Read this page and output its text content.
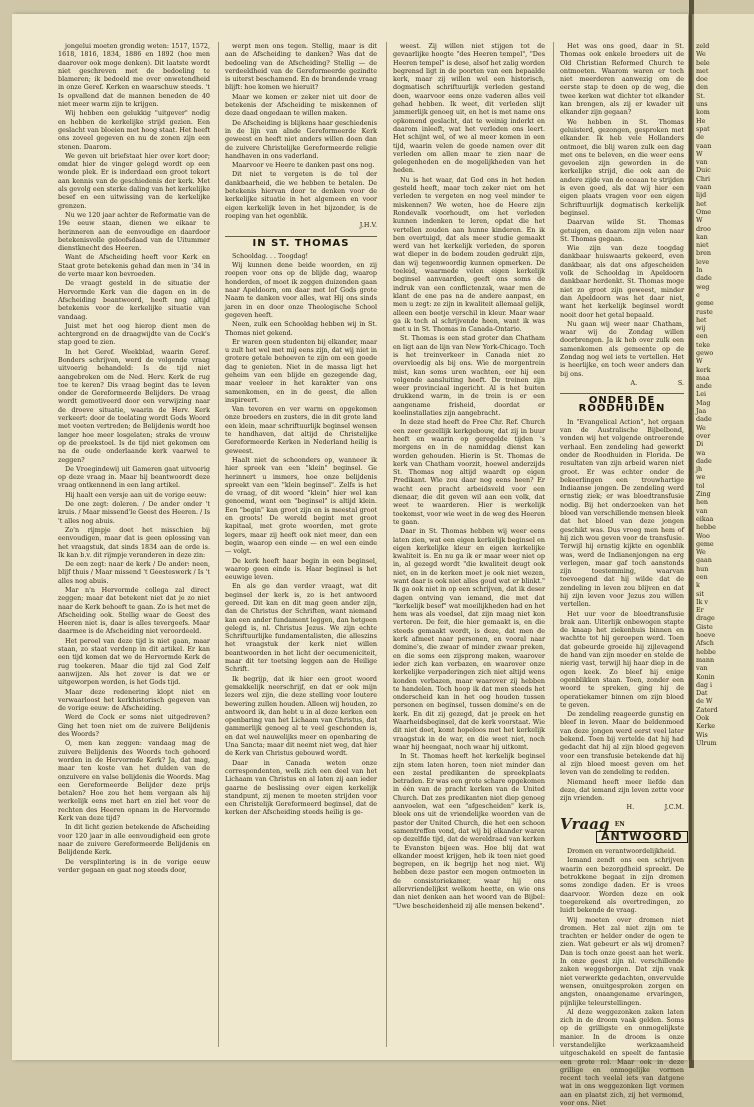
jongelui moeten grondig weten: 1517, 1572, 1618, 1816, 1834, 1886 en 1892 (hoe men daarover ook moge denken). Dit laatste wordt niet geschreven met de bedoeling te blameren; ik bedoeld me over onwetendheid in onze Geref. Kerken en waarschuw steeds. 't Is opvallend dat de mannen beneden de 40 niet meer warm zijn te krijgen.

Wij hebben een gelukkig "uitgever" nodig en hebben de kerkelijke strijd gezien. Een geslacht van bloeien met hoog staat. Het heeft ons zoveel gegeven en nu de zonen zijn een stenen. Daarom.

We geven uit briefstaat hier over kort door; omdat hier de vinger gelegd wordt op een wonde plek. Er is inderdaad een groot tekort aan kennis van de geschiedenis der kerk. Met als gevolg een sterke daling van het kerkelijke besef en een uitwissing van de kerkelijke grenzen.

Nu we 120 jaar achter de Reformatie van de 19e eeuw staan, dienen we eikaar te herinneren aan de eenvoudige en daardoor betekenisvolle geloofsdaad van de Uitummer dienstknecht des Heeren.

Want de Afscheiding heeft voor Kerk en Staat grote betekenis gehad dan men in '34 in de verte maar kon bevroeden.

De vraagt gesteld in de situatie der Hervormde Kerk van die dagen en in de Afscheiding beantwoord, heeft nog altijd betekenis voor de kerkelijke situatie van vandaag.

Juist met het oog hierop dient men de achtergrond en de draagwijdte van de Cock's stap goed te zien.

In het Geref. Weekblad, waarin Geref. Bonders schrijven, werd de volgende vraag uitvoerig behandeld: Is de tijd niet aangebroken om de Ned. Herv. Kerk de rug toe te keren? Dis vraag begint das te leven onder de Gereformeerde Belijders. De vraag wordt gemotiveerd door een verwijzing naar de droeve situatie, waarin de Herv. Kerk verkeert: door de toelating wordt Gods Woord met voeten vertreden; de Belijdenis wordt hoe langer hoe meer losgelaten; straks de vrouw op de preekstoel. Is de tijd niet gekomen om na de oude onderlaande kerk vaarwel te zeggen?

De Vroegindewij uit Gameren gaat uitvoerig op deze vraag in. Maar hij beantwoordt deze vraag ontkennend in een lang artikel.

Hij haalt een versje aan uit de vorige eeuw:

De one zegt: doleren. / De ander onder 't kruis. / Maar missend'le Geest des Heeren. / Is 't alles nog abuis.

Zo'n rijmpje doet het misschien bij eenvoudigen, maar dat is geen oplossing van het vraagstuk, dat sinds 1834 aan de orde is. Ik kan b.v. dit rijmpje veranderen in deze zin:

De een zegt: naar de kerk / De ander: neen, blijf thuis / Maar missend 't Geesteswerk / Is 't alles nog abuis.

Mar n'n Hervormde collega zal direct zeggen; maar dat betekent niet dat je zo niet naar de Kerk behoeft te gaan. Zo is het met de Afscheiding ook. Stellig waar de Geest des Heeren niet is, daar is alles tevergeefs. Maar daarmee is de Afscheiding niet veroordeeld.

Het peroel van deze tijd is niet gaan, maar staan, zo staat verdenp in dit artikel. Er kan een tijd komen dat we de Hervormde Kerk de rug toekeren. Maar die tijd zal God Zelf aanwijzen. Als het zover is dat we er uitgeworpen worden, is het Gods tijd.

Maar deze redenering klopt niet en verwaarloost het kerkhistorisch gegeven van de vorige eeuw: de Afscheiding.

Werd de Cock er soms niet uitgedreven? Ging het toen niet om de zuivere Belijdenis des Woords?

O, men kan zeggen: vandaag mag de zuivere Belijdenis des Woords toch gehoord worden in de Hervormde Kerk? Ja, dat mag, maar ten koste van het dulden van de onzuivere en valse belijdenis die Woords. Mag een Gereformeerde Belijder deze prijs betalen? Hoe zou het hem vergaan als hij werkelijk eens met hart en ziel het voor de rechten des Heeren opnam in de Hervormde Kerk van deze tijd?

In dit licht gezien betekende de Afscheiding voor 120 jaar in alle eenvoudigheid een grote naar de zuivere Gereformeerde Belijdenis en Belijdende Kerk.

De versplintering is in de vorige eeuw verder gegaan en gaat nog steeds door,

werpt men ons tegen. Stellig, maar is dit aan de Afscheiding te danken? Was dat de bedoeling van de Afscheiding? Stellig — de verdeeldheid van de Gereformeerde gezindte is uiterst beschamend. En de brandende vraag blijft: hoe komen we hieruit?

Maar we komen er zeker niet uit door de betekenis der Afscheiding te miskennen of deze daad ongedaan te willen maken.

De Afscheiding is blijkens haar geschiedenis in de lijn van alnde Gereformeerde Kerk geweest en heeft niet anders willen doen dan de zuivere Christelijke Gereformeerde religie handhaven in ons vaderland.

Maarvoor ve Heere te danken past ons nog.

Dit niet te vergeten is de tol der dankbaarheid, die we hebben te betalen. De betekenis hiervan door te denken voor de kerkelijke situatie in het algemeen en voor eigen kerkelijk leven in het bijzonder, is de roeping van het ogenblik.

J.H.V.
IN ST. THOMAS

Schooldag. . . Toogdag!

Wij kunnen dene beide woorden, en zij roepen voor ons op de blijde dag, waarop honderden, of moet ik zeggen duizenden gaan naar Apeldoorn, om daar met lof Gods grote Naam te danken voor alles, wat Hij ons sinds jaren in en door onze Theologische School gegeven heeft.

Neen, zulk een Schooldag hebben wij in St. Thomas niet gekend.

Er waren geen studenten bij elkander, maar u zult het wel met mij eens zijn, dat wij niet in grotere getale behoeven te zijn om een goede dag te genieten. Niet in de massa ligt het geheim van een blijde en gezegende dag, maar veeleer in het karakter van ons samenkomen, en in de geest, die allen inspireert.

Van tevoren en ver warm en opgekomen onze broeders en zusters, die in dit grote land een klein, maar schriftuurlijk beginsel wensen te handhaven, dat altijd de Christelijke Gereformeerde Kerken in Nederland heilig is geweest.

Haalt niet de schoonders op, wanneer ik hier spreek van een "klein" beginsel. Ge herinnert u immers, hoe onze belijdenis spreekt van een "klein beginsel". Zelfs is het de vraag, of dit woord "klein" hier wel kan genoemd, want een "beginsel" is altijd klein. Een "begin" kan groot zijn en is meestal groot en groots! De wereld begint met groot kapitaal, met grote woorden, met grote legers, maar zij heeft ook niet meer, dan een begin, waarop een einde — en wel een einde — volgt.

De kerk heeft haar begin in een beginsel, waarop geen einde is. Haar beginsel is het eeuwige leven.

En als ge dan verder vraagt, wat dit beginsel der kerk is, zo is het antwoord gereed. Dit kan en dit mag geen ander zijn, dan de Christus der Schriften, want niemand kan een ander fundament leggen, dan hetgeen gelegd is, nl. Christus Jezus. We zijn echte Schriftuurlijke fundamentalisten, die alleszins het vraagstuk der kerk niet willen beantwoorden in het licht der oecumeniciteit, maar dit ter toetsing leggen aan de Heilige Schrift.

Ik begrijp, dat ik hier een groot woord gemakkelijk neerschrijf, en dat er ook mijn lezers wel zijn, die deze stelling voor loutere bewering zullen houden. Alleen wij houden, zo antwoord ik, dan hebt u in al deze kerken een openbaring van het Lichaam van Christus, dat gammerlijk genoeg al te veel geschonden is, en dat wel nauwelijks meer en openbaring de Una Sancta; maar dit neemt niet weg, dat hier de Kerk van Christus gebouwd wordt.

Daar in Canada weten onze correspondenten, welk zich een deel van het Lichaam van Christus en al laten zij aan ieder gaarne de beslissing over eigen kerkelijk standpunt, zij menen te moeten strijden voor een Christelijk Gereformeerd beginsel, dat de kerken der Afscheiding steeds heilig is ge-

weest. Zij willen niet stijgen tot de gevaarlijke hoogte "des Heeren tempel", "Des Heeren tempel" is dese, alsof het zalig worden begrensd ligt in de poorten van een bepaalde kerk, maar zij willen wel een historisch, dogmatisch schriftuurlijk verleden gestand doen, waarvoor eens onze vaderen alles veil gehad hebben. Ik weet, dit verleden slijt jammerlijk genoeg uit, en het is met name ons opkomend geslacht, dat te weinig inderkt en daarom inleeft, wat het verleden ons leert. Het schijnt wel, of we al meer komen in een tijd, waarin velen de goede namen over dit verleden om allen maar te zien naar de gelegenheden en de mogelijkheden van het heden.

Nu is het waar, dat God ons in het heden gesteld heeft, maar toch zeker niet om het verleden te vergeten en nog veel minder te miskennen? We weten, hoe de Heere zijn Rondevalk voorhoudt, om het verleden kunnen indenken te leren, opdat die het vertellen zouden aan hunne kinderen. En ik ben overtuigd, dat als meer studie gemaakt werd van het kerkelijk verleden, de sporen wat dieper in de bodem zouden gedrukt zijn, dan wij tegenwoordig kunnen opmerken. De toeleid, waarmede velen eigen kerkelijk beginsel aanvaarden, geeft ons soms de indruk van een conflictenzak, waar men de klant de ene pas na de andere aanpast, en men u zegt: ze zijn in kwaliteit allemaal gelijk, alleen een beetje verschil in kleur. Maar waar ga ik toch al schrijvende heen, want ik was met u in St. Thomas in Canada-Ontario.

St. Thomas is een stad groter dan Chatham en ligt aan de lijn van New York-Chicago. Toch is het treinverkeer in Canada niet zo overvloedig als bij ons. Wie de morgentrein mist, kan soms uren wachten, eer hij een volgende aansluiting heeft. De treinen zijn weer provinciaal ingericht. Al is het buiten drukkend warm, in de trein is er een aangename frisheid, doordat er koelinstallaties zijn aangebracht.

In deze stad heeft de Free Chr. Ref. Church een zeer gezellijk kerkgebouw, dat zij in buur heeft en waarin op geregelde tijden 's morgens en in de namiddag dienst kan worden gehouden. Hierin is St. Thomas de kerk van Chatham voorzit, hoewel anderzijds St. Thomas nog altijd waardt op eigen Predikant. Wie zou daar nog eens heen? Er wacht een pracht arbeidsveld voor een dienaar, die dit geven wil aan een volk, dat weet te waarderen. Hier is werkelijk toekomst, voor wie weet in de weg des Heeren te gaan.

Daar in St. Thomas hebben wij weer eens laten zien, wat een eigen kerkelijk beginsel en eigen kerkelijke kleur en eigen kerkelijke kwaliteit is. En nu ga ik er maar weer niet op in, al gezegd wordt "die kwaliteit deugt ook niet, en in de kerken moet je ook niet wezen, want daar is ook niet alles goud wat er blinkt." Ik ga ook niet in op een schrijven, dat ik deser dagen ontving van iemand, die met dat "kerkelijk besef" wat moeilijkheden had en het hem was als voedsel, dat zijn maag niet kon verteren. De feit, die hier gemaakt is, en die steeds gemaakt wordt, is deze, dat men de kerk afmeet naar personen, en vooral naar domine's, die zwaar of minder zwaar preken, en die soms een zijsprong maken, waarover ieder zich kan verbazen, en waarover onze kerkelijke verpaderingen zich niet altijd wens konden verbazen, maar waarover zij hebben te handelen. Toch hoop ik dat men steeds het onderscheid kan in het oog houden tussen personen en beginsel, tussen domine's en de kerk. En dit zij gezegd, dat je preek en het Waarheidsbeginsel, dat de kerk voorstaat. Wie dit niet doet, komt hopeloos met het kerkelijk vraagstuk in de war, en die weet niet, noch waar hij heengaat, noch waar hij uitkomt.

In St. Thomas heeft het kerkelijk beginsel zijn stem laten horen, toen niet minder dan een zestal predikanten de spreekplaats betraden. Er was een grote schare opgekomen in één van de pracht kerken van de United Church. Dat zes predikanten niet diep genoeg aanvoelen, wat een "afgescheiden" kerk is, bleek ons uit de vriendelijke woorden van de pastor der United Church, die het een schoon samentreffen vond, dat wij bij elkander waren op dezelfde tijd, dat de wereldraad van kerken te Evanston bijeen was. Hoe blij dat wat elkander moest krijgen, heb ik toen niet goed begrepen, en ik begrijp het nog niet. Wij hebben deze pastor een mogen ontmoeten in de consistoriekamer, waar hij ons allervriendelijkst welkom heette, en wie ons dan niet denken aan het woord van de Bijbel: "Uwe bescheidenheid zij alle mensen bekend".

Het was ons goed, daar in St. Thomas ook enkele broeders uit de Old Christian Reformed Church te ontmoeten. Waarom waren er toch niet meerderen aanwezig om de eerste stap te doen op de weg, die twee kerken wat dichter tot elkander kan brengen, als zij er kwader uit elkander zijn gegaan?

We hebben in St. Thomas geluisterd, gezongen, gesproken met elkander. Ik heb vele Hollanders ontmoet, die blij waren zulk een dag met ons te beleven, en die weer eens gevoelen zijn geworden in de kerkelijke strijd, die ook aan de andere zijde van de oceaan te strijden is even goed, als dat wij hier een eigen plaats vragen voor een eigen Schriftuurlijk dogmatisch kerkelijk beginsel.

Daarvan wilde St. Thomas getuigen, en daarom zijn velen naar St. Thomas gegaan.

Wie zijn van deze toogdag dankbaar huiswaarts gekeerd, even dankbaar, als dat ons afgescheiden volk de Schooldag in Apeldoorn dankbaar herdenkt. St. Thomas moge niet zo groot zijn geweest, minder dan Apeldoorn was het daar niet, want het kerkelijk beginsel wordt nooit door het getal bepaald.

Nu gaan wij weer naar Chatham, waar wij de Zondag willen doorbrengen. Ja ik heb over zulk een samenkomen als gemeente op de Zondag nog wel iets te vertellen. Het is heerlijke, en toch weer anders dan bij ons.

A.	S.
ONDER DE ROODHUIDEN

In "Evangelical Action", het orgaan van de Australische Bijbelbond, vonden wij het volgende ontroerende verhaal. Een zendeling had gewerkt onder de Roodhuiden in Florida. De resultaten van zijn arbeid waren niet groot. Er was echter onder de bekeerlingen een trouwhartige Indiaanse jongen. De zendeling werd ernstig ziek; er was bloedtransfusie nodig. Bij het onderzoeken van het bloed van verschillende mensen bleek dat het bloed van deze jongen geschikt was. Dus vroeg men hem of hij zich wou geven voor de transfusie. Terwijl hij ernstig kijkte en ogenblik was, werd de Indianenjongen na erg verlegen, maar gaf toch aanstonds zijn toestemming, waarvan toevoegend dat hij wilde dat de zendeling in leven zou blijven en dat hij zijn leven voor Jezus zou willen vertellen.

Het uur voor de bloedtransfusie brak aan. Uiterlijk onbewogen stapte de knaap het ziekenhuis binnen en wachtte tot hij geroepen werd. Toen dat gebeurde groeide hij zijlevagend de hand van zijn moeder en stelde de nierig vast, terwijl hij haar diep in de ogen keek. Zo bleef hij enige ogenblikken staan. Toen, zonder een woord te spreken, ging hij de operatiekamer binnen om zijn bloed te geven.

De zendeling reageerde gunstig en bleef in leven. Maar de beldenmoed van deze jongen werd eerst veel later bekend. Toen bij vertelde dat hij had gedacht dat hij al zijn bloed gegeven voor een transfusie betekende dat hij al zijn bloed moest geven om het leven van de zendeling te redden.

Niemand heeft meer liefde dan deze, dat iemand zijn leven zette voor zijn vrienden.

H.	J.C.M.
Vraag EN
ANTWOORD

Dromen en verantwoordelijkheid.

Iemand zendt ons een schrijven waarin een bezorgdheid spreekt. De betrokkene begaat in zijn dromen soms zondige daden. Er is vrees daarvoor. Worden deze en ook toegerekend als overtredingen, zo luidt bekende de vraag.

Wij moeten over dromen niet dromen. Het zal niet zijn om te trachten er helder onder de ogen te zien. Wat gebeurt er als wij dromen? Dan is toch onze geest aan het werk. In onze geest zijn nl. verschillende zaken weggeborgen. Dat zijn vaak niet verwerkte gedachten, onvervulde wensen, onuitgesproken zorgen en angsten, onaangename ervaringen, pijnlijke teleurstellingen.

Al deze weggezonken zaken laten zich in de droom vaak gelden. Soms op de grilligste en onmogelijkste manier. In de droom is onze verstandelijke werkzaamheid uitgeschakeld en speelt de fantasie een grote rol. Maar ook in deze grillige en onmogelijke vormen recent toch veelal iets van datgene wat in ons weggezonken ligt vormen aan en plaatst zich, zij het vermomd, voor ons. Niet

zeld
We
bele
met
doe
den
St.
uns
kom
He
spat
de
vaan
W
van
Duic
Chri
vaan
lijd
het
Ome
W
droo
kan
niet
bren
leve
In
dade
weg
e
geme
ruste
het
wij
een
teke
gewo
W
kerk
maa
ande
Lei
Mag
Jaa
dade
We
over
Di
wa
dade
jh
we
tol
Zing
hen
van
eikaa
hebbe
Woo
geme
We
gaan
hun
een
k
sit
Ik v
Er
drage
Giste
hoeve
Afsch
hebbe
mann
van
Konin
dag i
Dat
de W
Zaterd
Ook
Kerke
Wis
Ulrum
